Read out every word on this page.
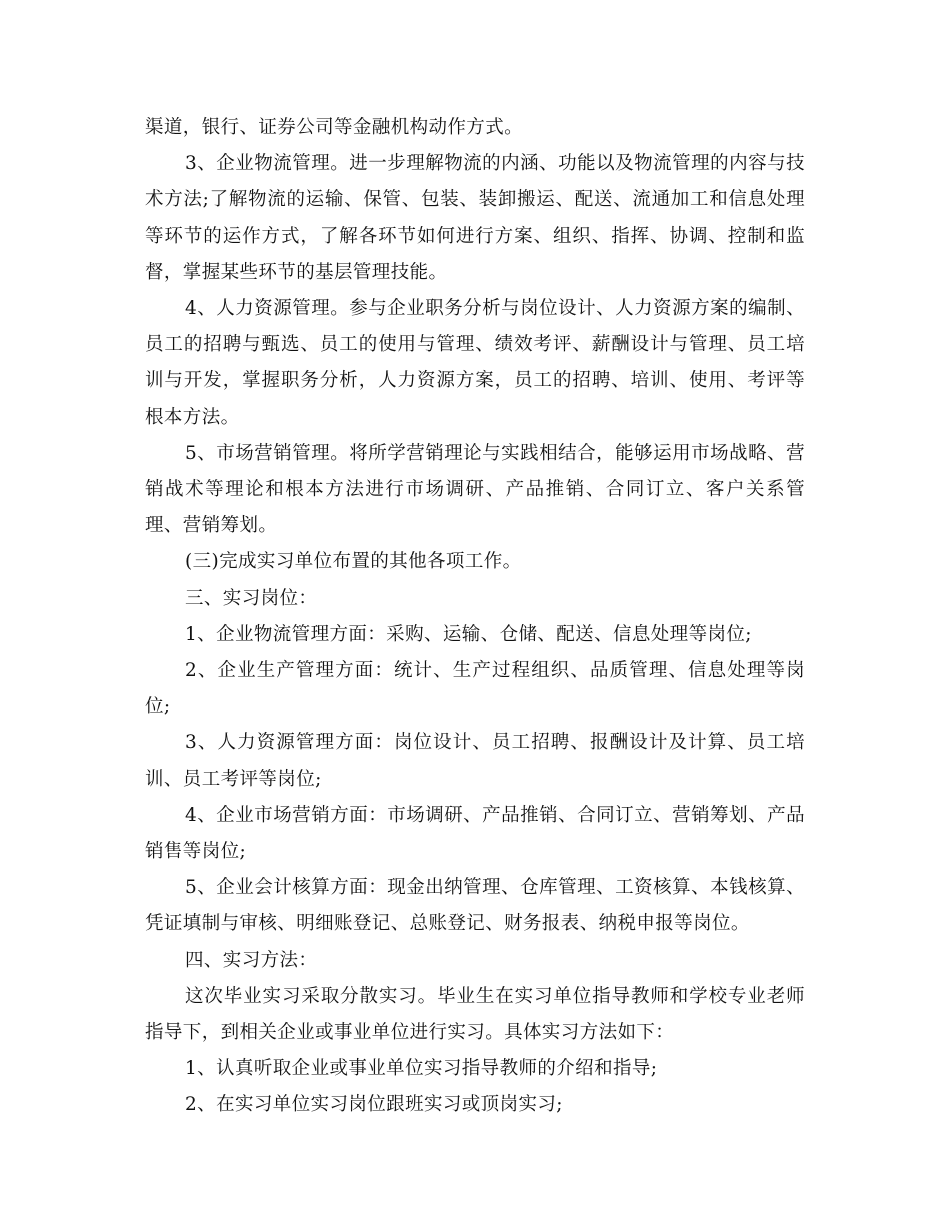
渠道，银行、证券公司等金融机构动作方式。

3、企业物流管理。进一步理解物流的内涵、功能以及物流管理的内容与技术方法;了解物流的运输、保管、包装、装卸搬运、配送、流通加工和信息处理等环节的运作方式，了解各环节如何进行方案、组织、指挥、协调、控制和监督，掌握某些环节的基层管理技能。

4、人力资源管理。参与企业职务分析与岗位设计、人力资源方案的编制、员工的招聘与甄选、员工的使用与管理、绩效考评、薪酬设计与管理、员工培训与开发，掌握职务分析，人力资源方案，员工的招聘、培训、使用、考评等根本方法。

5、市场营销管理。将所学营销理论与实践相结合，能够运用市场战略、营销战术等理论和根本方法进行市场调研、产品推销、合同订立、客户关系管理、营销筹划。

(三)完成实习单位布置的其他各项工作。

三、实习岗位：

1、企业物流管理方面：采购、运输、仓储、配送、信息处理等岗位;

2、企业生产管理方面：统计、生产过程组织、品质管理、信息处理等岗位;

3、人力资源管理方面：岗位设计、员工招聘、报酬设计及计算、员工培训、员工考评等岗位;

4、企业市场营销方面：市场调研、产品推销、合同订立、营销筹划、产品销售等岗位;

5、企业会计核算方面：现金出纳管理、仓库管理、工资核算、本钱核算、凭证填制与审核、明细账登记、总账登记、财务报表、纳税申报等岗位。

四、实习方法：

这次毕业实习采取分散实习。毕业生在实习单位指导教师和学校专业老师指导下，到相关企业或事业单位进行实习。具体实习方法如下：

1、认真听取企业或事业单位实习指导教师的介绍和指导;

2、在实习单位实习岗位跟班实习或顶岗实习;
